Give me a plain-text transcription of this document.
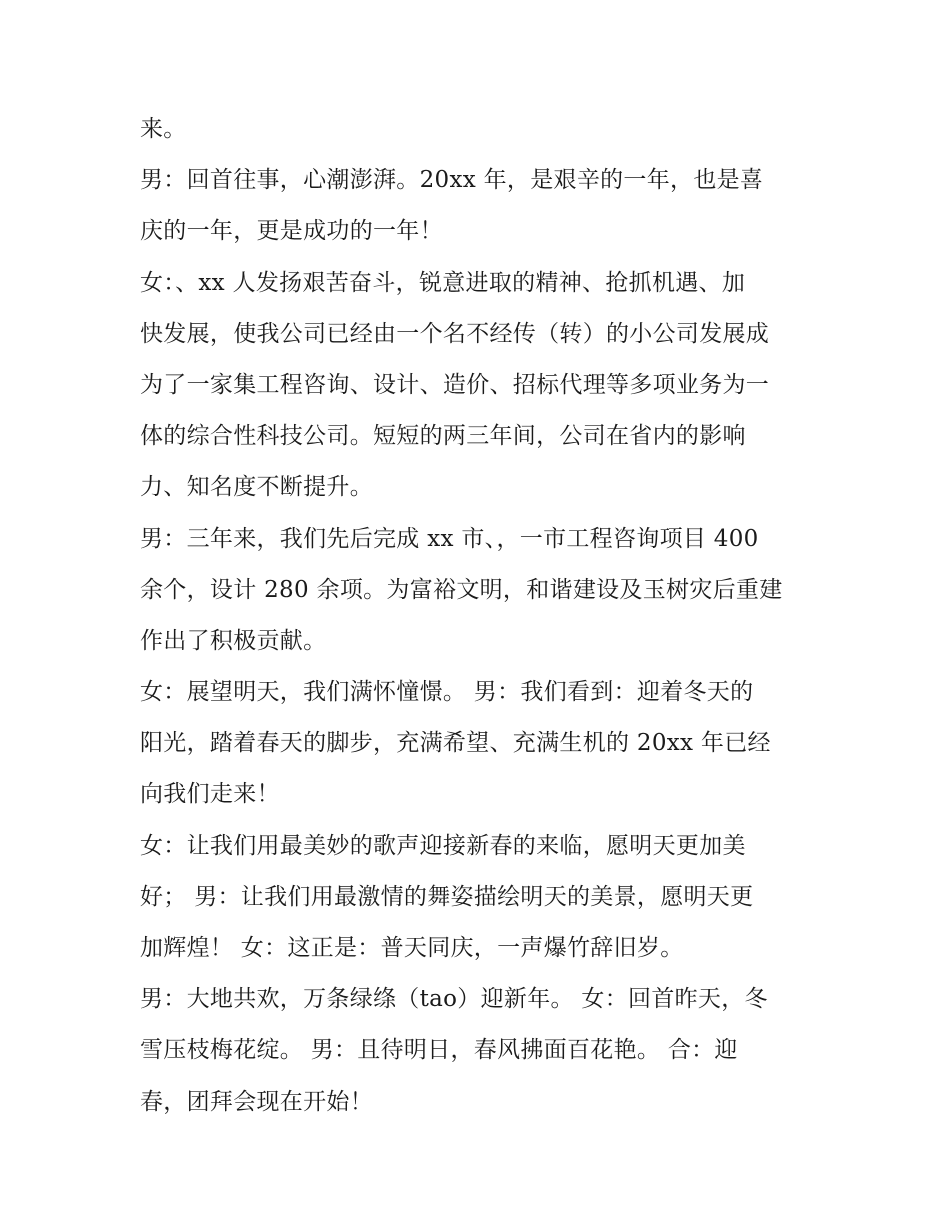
来。
男：回首往事，心潮澎湃。20xx 年，是艰辛的一年，也是喜
庆的一年，更是成功的一年！
女：、xx 人发扬艰苦奋斗，锐意进取的精神、抢抓机遇、加
快发展，使我公司已经由一个名不经传（转）的小公司发展成
为了一家集工程咨询、设计、造价、招标代理等多项业务为一
体的综合性科技公司。短短的两三年间，公司在省内的影响
力、知名度不断提升。
男：三年来，我们先后完成 xx 市、，一市工程咨询项目 400
余个，设计 280 余项。为富裕文明，和谐建设及玉树灾后重建
作出了积极贡献。
女：展望明天，我们满怀憧憬。 男：我们看到：迎着冬天的
阳光，踏着春天的脚步，充满希望、充满生机的 20xx 年已经
向我们走来！
女：让我们用最美妙的歌声迎接新春的来临，愿明天更加美
好； 男：让我们用最激情的舞姿描绘明天的美景，愿明天更
加辉煌！ 女：这正是：普天同庆，一声爆竹辞旧岁。
男：大地共欢，万条绿绦（tao）迎新年。 女：回首昨天，冬
雪压枝梅花绽。 男：且待明日，春风拂面百花艳。 合：迎
春，团拜会现在开始！
